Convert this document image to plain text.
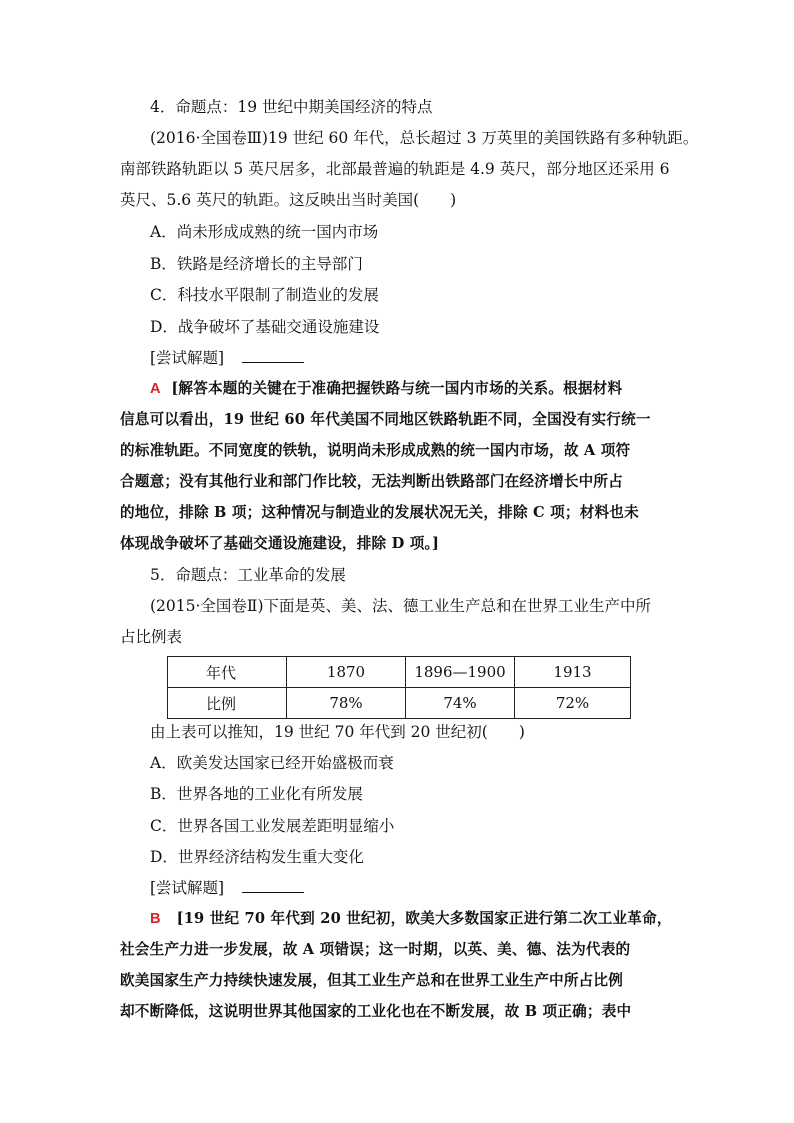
4．命题点：19 世纪中期美国经济的特点
(2016·全国卷Ⅲ)19 世纪 60 年代，总长超过 3 万英里的美国铁路有多种轨距。
南部铁路轨距以 5 英尺居多，北部最普遍的轨距是 4.9 英尺，部分地区还采用 6
英尺、5.6 英尺的轨距。这反映出当时美国(　　)
A．尚未形成成熟的统一国内市场
B．铁路是经济增长的主导部门
C．科技水平限制了制造业的发展
D．战争破坏了基础交通设施建设
[尝试解题]
A [解答本题的关键在于准确把握铁路与统一国内市场的关系。根据材料
信息可以看出，19 世纪 60 年代美国不同地区铁路轨距不同，全国没有实行统一
的标准轨距。不同宽度的铁轨，说明尚未形成成熟的统一国内市场，故 A 项符
合题意；没有其他行业和部门作比较，无法判断出铁路部门在经济增长中所占
的地位，排除 B 项；这种情况与制造业的发展状况无关，排除 C 项；材料也未
体现战争破坏了基础交通设施建设，排除 D 项。]
5．命题点：工业革命的发展
(2015·全国卷Ⅱ)下面是英、美、法、德工业生产总和在世界工业生产中所
占比例表
年代	1870	1896—1900	1913
比例	78%	74%	72%
由上表可以推知，19 世纪 70 年代到 20 世纪初(　　)
A．欧美发达国家已经开始盛极而衰
B．世界各地的工业化有所发展
C．世界各国工业发展差距明显缩小
D．世界经济结构发生重大变化
[尝试解题]
B [19 世纪 70 年代到 20 世纪初，欧美大多数国家正进行第二次工业革命，
社会生产力进一步发展，故 A 项错误；这一时期，以英、美、德、法为代表的
欧美国家生产力持续快速发展，但其工业生产总和在世界工业生产中所占比例
却不断降低，这说明世界其他国家的工业化也在不断发展，故 B 项正确；表中
